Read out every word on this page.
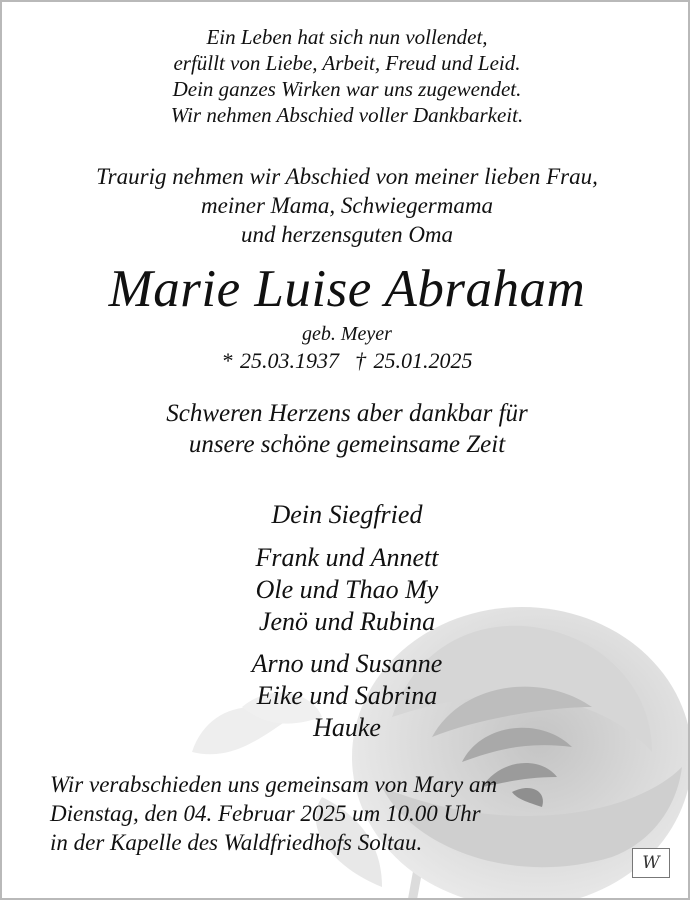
Ein Leben hat sich nun vollendet,
erfüllt von Liebe, Arbeit, Freud und Leid.
Dein ganzes Wirken war uns zugewendet.
Wir nehmen Abschied voller Dankbarkeit.
Traurig nehmen wir Abschied von meiner lieben Frau,
meiner Mama, Schwiegermama
und herzensguten Oma
Marie Luise Abraham
geb. Meyer
* 25.03.1937 † 25.01.2025
Schweren Herzens aber dankbar für
unsere schöne gemeinsame Zeit
Dein Siegfried
Frank und Annett
Ole und Thao My
Jenö und Rubina
Arno und Susanne
Eike und Sabrina
Hauke
Wir verabschieden uns gemeinsam von Mary am
Dienstag, den 04. Februar 2025 um 10.00 Uhr
in der Kapelle des Waldfriedhofs Soltau.
W
